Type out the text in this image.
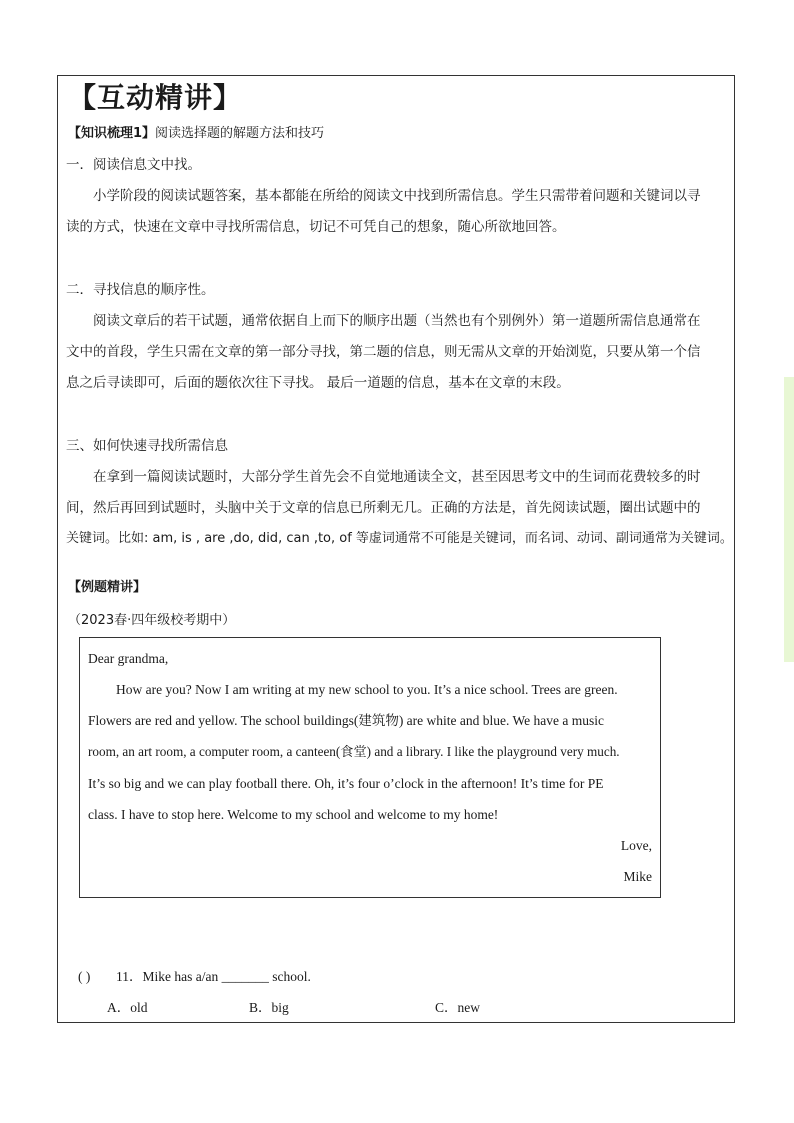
【互动精讲】
【知识梳理1】阅读选择题的解题方法和技巧
一．阅读信息文中找。
小学阶段的阅读试题答案，基本都能在所给的阅读文中找到所需信息。学生只需带着问题和关键词以寻
读的方式，快速在文章中寻找所需信息，切记不可凭自己的想象，随心所欲地回答。
二．寻找信息的顺序性。
阅读文章后的若干试题，通常依据自上而下的顺序出题（当然也有个别例外）第一道题所需信息通常在
文中的首段，学生只需在文章的第一部分寻找，第二题的信息，则无需从文章的开始浏览，只要从第一个信
息之后寻读即可，后面的题依次往下寻找。 最后一道题的信息，基本在文章的末段。
三、如何快速寻找所需信息
在拿到一篇阅读试题时，大部分学生首先会不自觉地通读全文，甚至因思考文中的生词而花费较多的时
间，然后再回到试题时，头脑中关于文章的信息已所剩无几。正确的方法是，首先阅读试题，圈出试题中的
关键词。比如: am, is , are ,do, did, can ,to, of 等虚词通常不可能是关键词，而名词、动词、副词通常为关键词。
【例题精讲】
（2023春·四年级校考期中）
Dear grandma,
How are you? Now I am writing at my new school to you. It’s a nice school. Trees are green.
Flowers are red and yellow. The school buildings(建筑物) are white and blue. We have a music
room, an art room, a computer room, a canteen(食堂) and a library. I like the playground very much.
It’s so big and we can play football there. Oh, it’s four o’clock in the afternoon! It’s time for PE
class. I have to stop here. Welcome to my school and welcome to my home!
Love,
Mike
( ) 11．Mike has a/an _______ school.
A．old	B．big	C．new
